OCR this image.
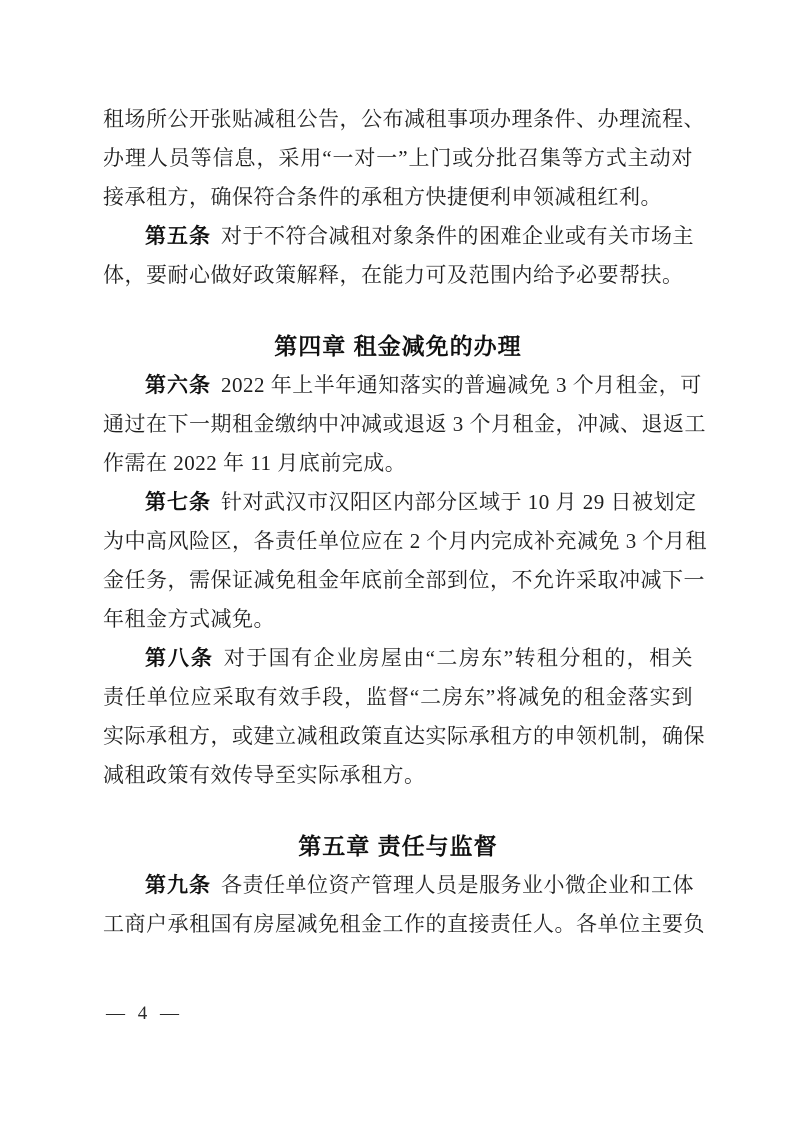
租场所公开张贴减租公告，公布减租事项办理条件、办理流程、
办理人员等信息，采用“一对一”上门或分批召集等方式主动对
接承租方，确保符合条件的承租方快捷便利申领减租红利。
第五条 对于不符合减租对象条件的困难企业或有关市场主
体，要耐心做好政策解释，在能力可及范围内给予必要帮扶。
第四章 租金减免的办理
第六条 2022 年上半年通知落实的普遍减免 3 个月租金，可
通过在下一期租金缴纳中冲减或退返 3 个月租金，冲减、退返工
作需在 2022 年 11 月底前完成。
第七条 针对武汉市汉阳区内部分区域于 10 月 29 日被划定
为中高风险区，各责任单位应在 2 个月内完成补充减免 3 个月租
金任务，需保证减免租金年底前全部到位，不允许采取冲减下一
年租金方式减免。
第八条 对于国有企业房屋由“二房东”转租分租的，相关
责任单位应采取有效手段，监督“二房东”将减免的租金落实到
实际承租方，或建立减租政策直达实际承租方的申领机制，确保
减租政策有效传导至实际承租方。
第五章 责任与监督
第九条 各责任单位资产管理人员是服务业小微企业和工体
工商户承租国有房屋减免租金工作的直接责任人。各单位主要负
— 4 —
